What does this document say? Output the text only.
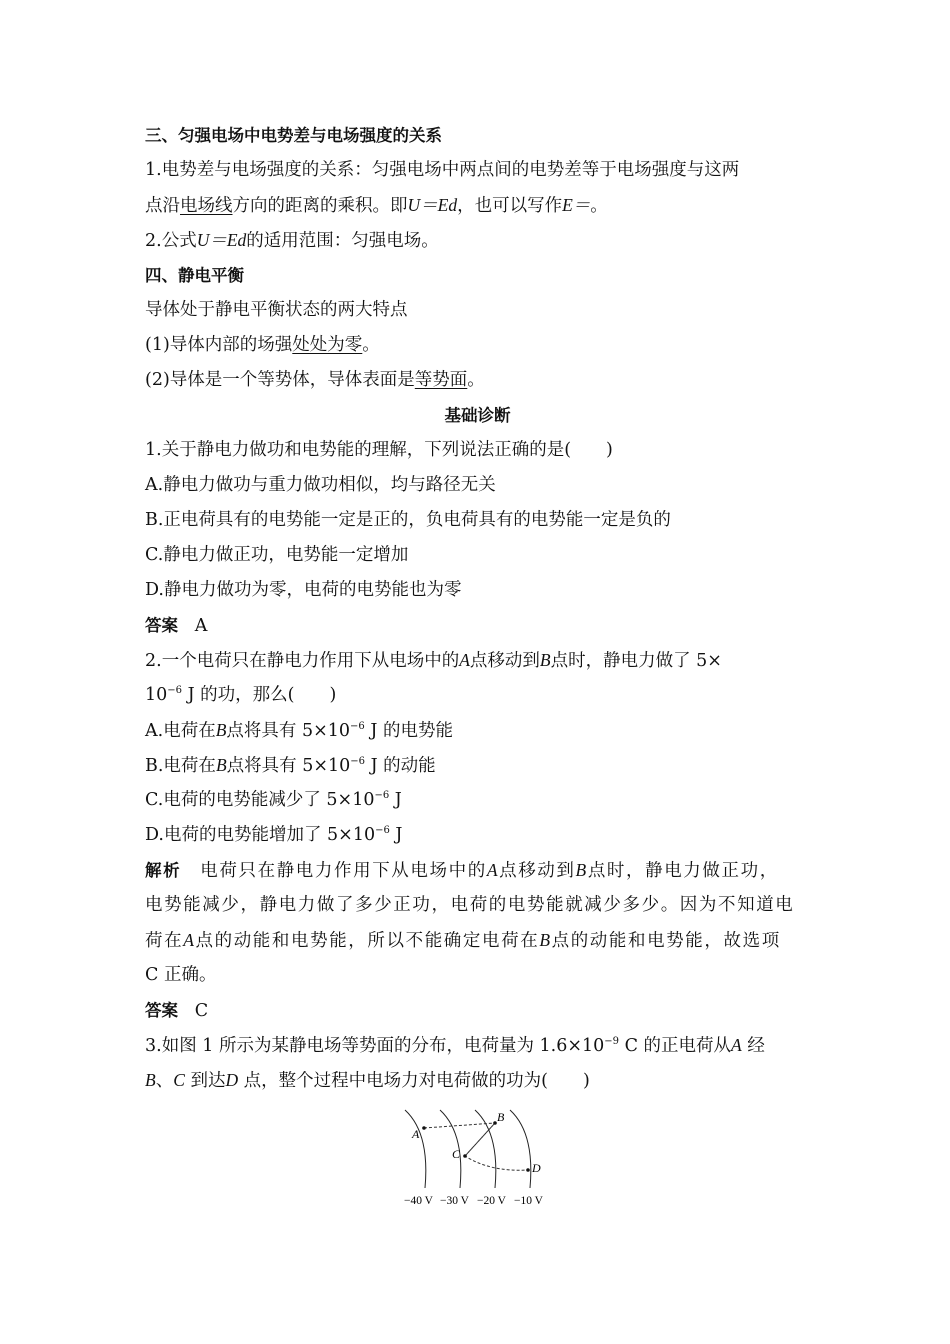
三、匀强电场中电势差与电场强度的关系
1.电势差与电场强度的关系：匀强电场中两点间的电势差等于电场强度与这两
点沿电场线方向的距离的乘积。即U＝Ed，也可以写作E＝。
2.公式U＝Ed的适用范围：匀强电场。
四、静电平衡
导体处于静电平衡状态的两大特点
(1)导体内部的场强处处为零。
(2)导体是一个等势体，导体表面是等势面。
基础诊断
1.关于静电力做功和电势能的理解，下列说法正确的是(　　)
A.静电力做功与重力做功相似，均与路径无关
B.正电荷具有的电势能一定是正的，负电荷具有的电势能一定是负的
C.静电力做正功，电势能一定增加
D.静电力做功为零，电荷的电势能也为零
答案 A
2.一个电荷只在静电力作用下从电场中的A点移动到B点时，静电力做了 5×
$10^{-6}$ J 的功，那么(　　)
A.电荷在B点将具有 $5\times 10^{-6}$ J 的电势能
B.电荷在B点将具有 $5\times 10^{-6}$ J 的动能
C.电荷的电势能减少了 $5\times 10^{-6}$ J
D.电荷的电势能增加了 $5\times 10^{-6}$ J
解析　电荷只在静电力作用下从电场中的A点移动到B点时，静电力做正功，
电势能减少，静电力做了多少正功，电荷的电势能就减少多少。因为不知道电
荷在A点的动能和电势能，所以不能确定电荷在B点的动能和电势能，故选项
C 正确。
答案 C
3.如图 1 所示为某静电场等势面的分布，电荷量为 $1.6\times 10^{-9}$ C 的正电荷从A 经
B、C 到达D 点，整个过程中电场力对电荷做的功为(　　)
A
B
C
D
−40 V −30 V −20 V −10 V
